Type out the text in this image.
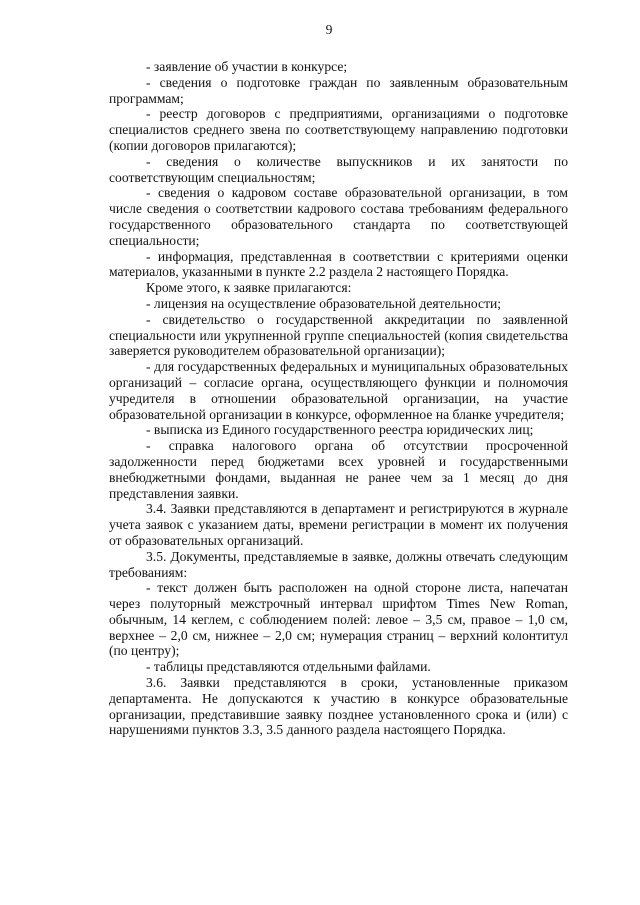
9

- заявление об участии в конкурсе;

- сведения о подготовке граждан по заявленным образовательным программам;

- реестр договоров с предприятиями, организациями о подготовке специалистов среднего звена по соответствующему направлению подготовки (копии договоров прилагаются);

- сведения о количестве выпускников и их занятости по соответствующим специальностям;

- сведения о кадровом составе образовательной организации, в том числе сведения о соответствии кадрового состава требованиям федерального государственного образовательного стандарта по соответствующей специальности;

- информация, представленная в соответствии с критериями оценки материалов, указанными в пункте 2.2 раздела 2 настоящего Порядка.

Кроме этого, к заявке прилагаются:

- лицензия на осуществление образовательной деятельности;

- свидетельство о государственной аккредитации по заявленной специальности или укрупненной группе специальностей (копия свидетельства заверяется руководителем образовательной организации);

- для государственных федеральных и муниципальных образовательных организаций – согласие органа, осуществляющего функции и полномочия учредителя в отношении образовательной организации, на участие образовательной организации в конкурсе, оформленное на бланке учредителя;

- выписка из Единого государственного реестра юридических лиц;

- справка налогового органа об отсутствии просроченной задолженности перед бюджетами всех уровней и государственными внебюджетными фондами, выданная не ранее чем за 1 месяц до дня представления заявки.

3.4. Заявки представляются в департамент и регистрируются в журнале учета заявок с указанием даты, времени регистрации в момент их получения от образовательных организаций.

3.5. Документы, представляемые в заявке, должны отвечать следующим требованиям:

- текст должен быть расположен на одной стороне листа, напечатан через полуторный межстрочный интервал шрифтом Times New Roman, обычным, 14 кеглем, с соблюдением полей: левое – 3,5 см, правое – 1,0 см, верхнее – 2,0 см, нижнее – 2,0 см; нумерация страниц – верхний колонтитул (по центру);

- таблицы представляются отдельными файлами.

3.6. Заявки представляются в сроки, установленные приказом департамента. Не допускаются к участию в конкурсе образовательные организации, представившие заявку позднее установленного срока и (или) с нарушениями пунктов 3.3, 3.5 данного раздела настоящего Порядка.
